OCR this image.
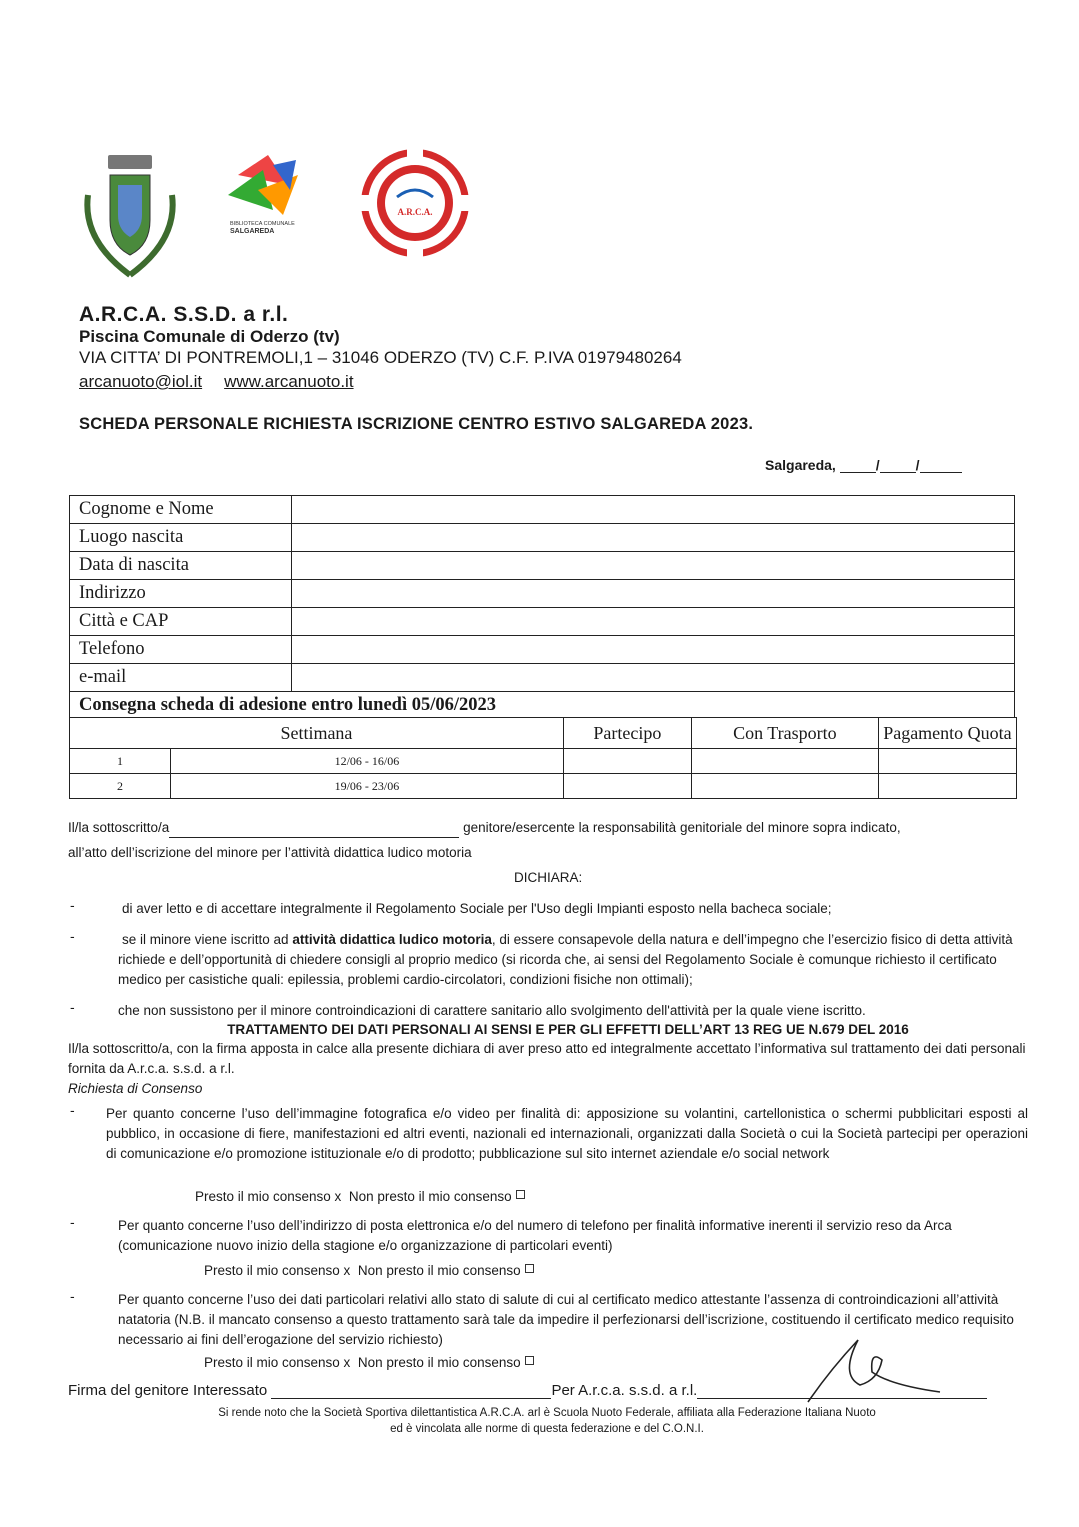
BIBLIOTECA COMUNALE
SALGAREDA
A.R.C.A.
A.R.C.A. S.S.D. a r.l.
Piscina Comunale di Oderzo (tv)
VIA CITTA’ DI PONTREMOLI,1 – 31046 ODERZO (TV) C.F. P.IVA 01979480264
arcanuoto@iol.it www.arcanuoto.it
SCHEDA PERSONALE RICHIESTA ISCRIZIONE CENTRO ESTIVO SALGAREDA 2023.
Salgareda,	/	/
Cognome e Nome	
Luogo nascita	
Data di nascita	
Indirizzo	
Città e CAP	
Telefono	
e-mail	
Consegna scheda di adesione entro lunedì 05/06/2023	
Settimana		Partecipo	Con Trasporto	Pagamento Quota
1	12/06 - 16/06			
2	19/06 - 23/06			
Il/la sottoscritto/a	genitore/esercente la responsabilità genitoriale del minore sopra indicato,
all’atto dell’iscrizione del minore per l’attività didattica ludico motoria
DICHIARA:
-	di aver letto e di accettare integralmente il Regolamento Sociale per l'Uso degli Impianti esposto nella bacheca sociale;
-	se il minore viene iscritto ad attività didattica ludico motoria, di essere consapevole della natura e dell’impegno che l’esercizio fisico di detta attività richiede e dell’opportunità di chiedere consigli al proprio medico (si ricorda che, ai sensi del Regolamento Sociale è comunque richiesto il certificato medico per casistiche quali: epilessia, problemi cardio-circolatori, condizioni fisiche non ottimali);
-	che non sussistono per il minore controindicazioni di carattere sanitario allo svolgimento dell'attività per la quale viene iscritto.
TRATTAMENTO DEI DATI PERSONALI AI SENSI E PER GLI EFFETTI DELL’ART 13 REG UE N.679 DEL 2016
Il/la sottoscritto/a, con la firma apposta in calce alla presente dichiara di aver preso atto ed integralmente accettato l’informativa sul trattamento dei dati personali fornita da A.r.c.a. s.s.d. a r.l.
Richiesta di Consenso
- Per quanto concerne l’uso dell’immagine fotografica e/o video per finalità di: apposizione su volantini, cartellonistica o schermi pubblicitari esposti al pubblico, in occasione di fiere, manifestazioni ed altri eventi, nazionali ed internazionali, organizzati dalla Società o cui la Società partecipi per operazioni di comunicazione e/o promozione istituzionale e/o di prodotto; pubblicazione sul sito internet aziendale e/o social network
Presto il mio consenso x Non presto il mio consenso
-	Per quanto concerne l’uso dell’indirizzo di posta elettronica e/o del numero di telefono per finalità informative inerenti il servizio reso da Arca (comunicazione nuovo inizio della stagione e/o organizzazione di particolari eventi)
Presto il mio consenso x Non presto il mio consenso
-	Per quanto concerne l’uso dei dati particolari relativi allo stato di salute di cui al certificato medico attestante l’assenza di controindicazioni all’attività natatoria (N.B. il mancato consenso a questo trattamento sarà tale da impedire il perfezionarsi dell’iscrizione, costituendo il certificato medico requisito necessario ai fini dell’erogazione del servizio richiesto)
Presto il mio consenso x Non presto il mio consenso
Firma del genitore Interessato	Per A.r.c.a. s.s.d. a r.l.
Si rende noto che la Società Sportiva dilettantistica A.R.C.A. arl è Scuola Nuoto Federale, affiliata alla Federazione Italiana Nuoto
ed è vincolata alle norme di questa federazione e del C.O.N.I.
